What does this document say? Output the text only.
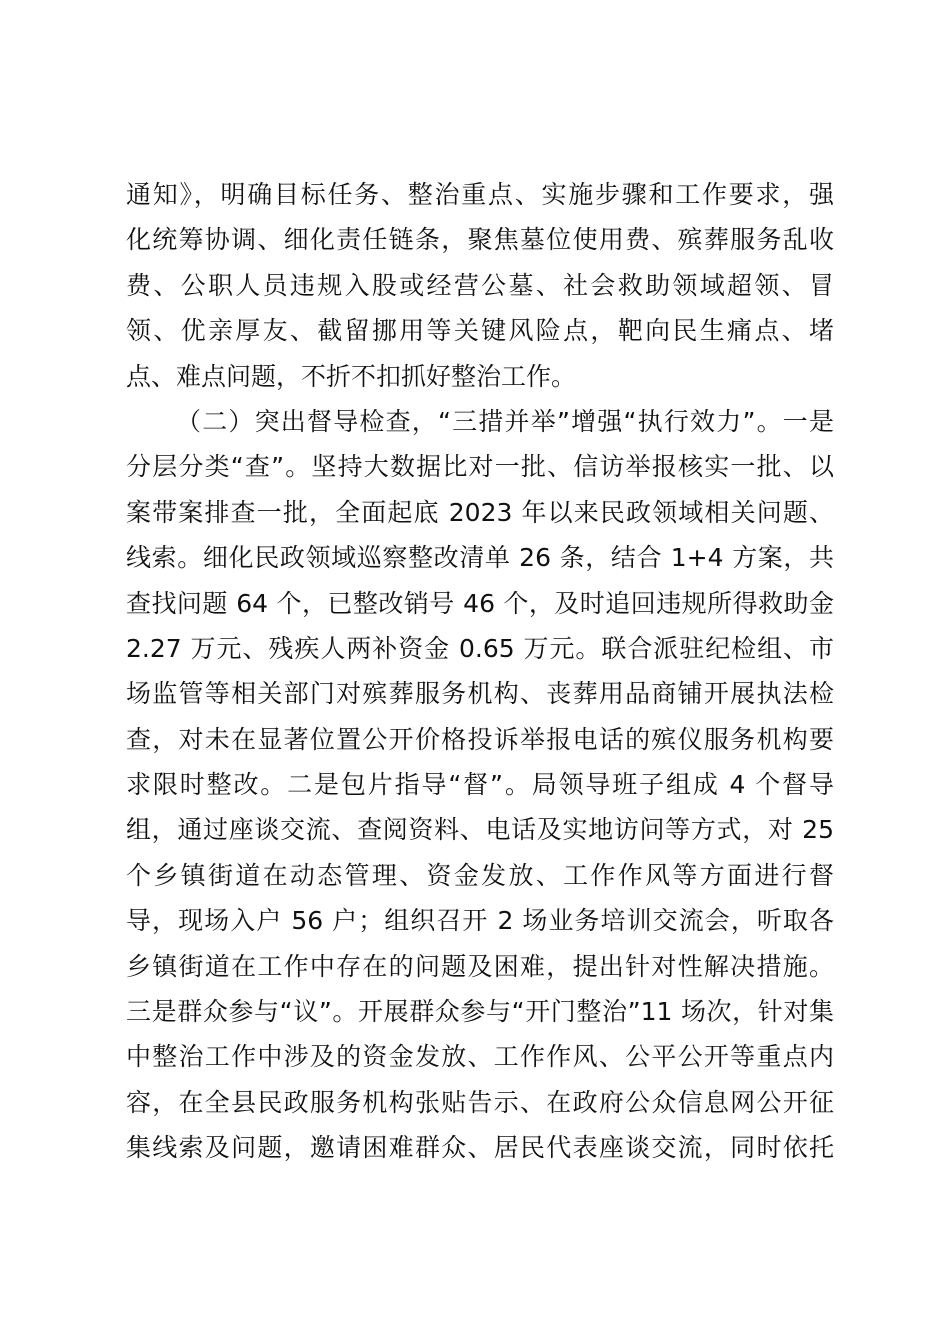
通知》，明确目标任务、整治重点、实施步骤和工作要求，强
化统筹协调、细化责任链条，聚焦墓位使用费、殡葬服务乱收
费、公职人员违规入股或经营公墓、社会救助领域超领、冒
领、优亲厚友、截留挪用等关键风险点，靶向民生痛点、堵
点、难点问题，不折不扣抓好整治工作。
（二）突出督导检查，“三措并举”增强“执行效力”。一是
分层分类“查”。坚持大数据比对一批、信访举报核实一批、以
案带案排查一批，全面起底 2023 年以来民政领域相关问题、
线索。细化民政领域巡察整改清单 26 条，结合 1+4 方案，共
查找问题 64 个，已整改销号 46 个，及时追回违规所得救助金
2.27 万元、残疾人两补资金 0.65 万元。联合派驻纪检组、市
场监管等相关部门对殡葬服务机构、丧葬用品商铺开展执法检
查，对未在显著位置公开价格投诉举报电话的殡仪服务机构要
求限时整改。二是包片指导“督”。局领导班子组成 4 个督导
组，通过座谈交流、查阅资料、电话及实地访问等方式，对 25
个乡镇街道在动态管理、资金发放、工作作风等方面进行督
导，现场入户 56 户；组织召开 2 场业务培训交流会，听取各
乡镇街道在工作中存在的问题及困难，提出针对性解决措施。
三是群众参与“议”。开展群众参与“开门整治”11 场次，针对集
中整治工作中涉及的资金发放、工作作风、公平公开等重点内
容，在全县民政服务机构张贴告示、在政府公众信息网公开征
集线索及问题，邀请困难群众、居民代表座谈交流，同时依托
